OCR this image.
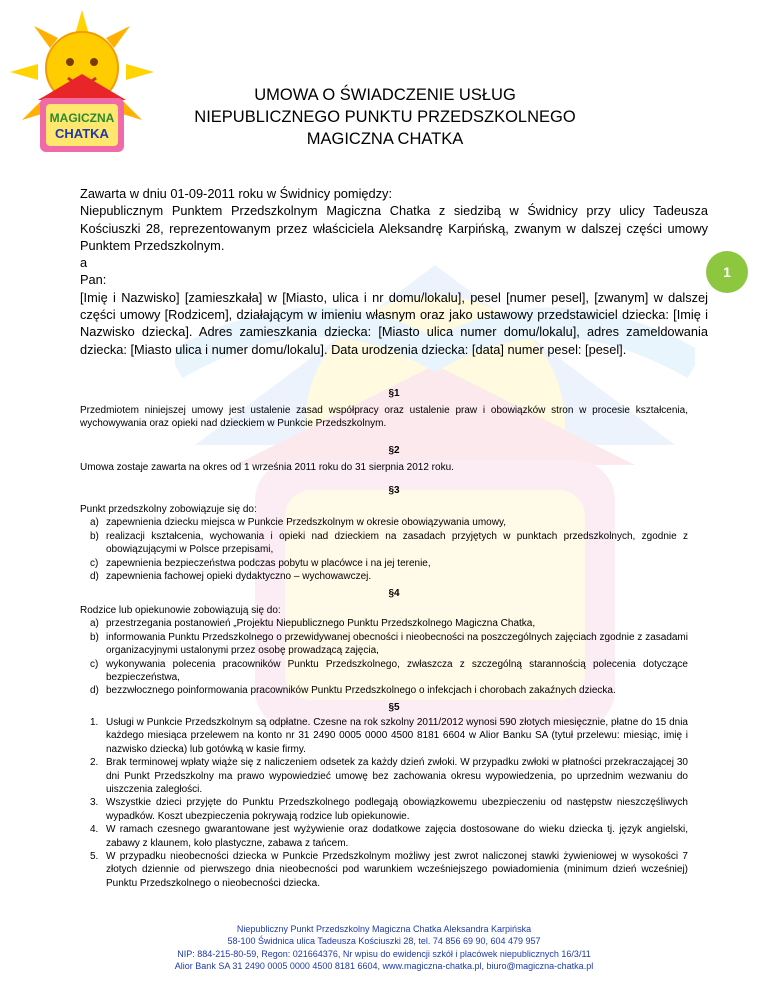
MAGICZNA
CHATKA
1
UMOWA O ŚWIADCZENIE USŁUG
NIEPUBLICZNEGO PUNKTU PRZEDSZKOLNEGO
MAGICZNA CHATKA

Zawarta w dniu 01-09-2011 roku w Świdnicy pomiędzy:

Niepublicznym Punktem Przedszkolnym Magiczna Chatka z siedzibą w Świdnicy przy ulicy Tadeusza Kościuszki 28, reprezentowanym przez właściciela Aleksandrę Karpińską, zwanym w dalszej części umowy Punktem Przedszkolnym.

a

Pan:

[Imię i Nazwisko] [zamieszkała] w [Miasto, ulica i nr domu/lokalu], pesel [numer pesel], [zwanym] w dalszej części umowy [Rodzicem], działającym w imieniu własnym oraz jako ustawowy przedstawiciel dziecka: [Imię i Nazwisko dziecka]. Adres zamieszkania dziecka: [Miasto ulica numer domu/lokalu], adres zameldowania dziecka: [Miasto ulica i numer domu/lokalu]. Data urodzenia dziecka: [data] numer pesel: [pesel].

§1

Przedmiotem niniejszej umowy jest ustalenie zasad współpracy oraz ustalenie praw i obowiązków stron w procesie kształcenia, wychowywania oraz opieki nad dzieckiem w Punkcie Przedszkolnym.

§2

Umowa zostaje zawarta na okres od 1 września 2011 roku do 31 sierpnia 2012 roku.

§3

Punkt przedszkolny zobowiązuje się do:

a) zapewnienia dziecku miejsca w Punkcie Przedszkolnym w okresie obowiązywania umowy,
b) realizacji kształcenia, wychowania i opieki nad dzieckiem na zasadach przyjętych w punktach przedszkolnych, zgodnie z obowiązującymi w Polsce przepisami,
c) zapewnienia bezpieczeństwa podczas pobytu w placówce i na jej terenie,
d) zapewnienia fachowej opieki dydaktyczno – wychowawczej.
§4

Rodzice lub opiekunowie zobowiązują się do:

a) przestrzegania postanowień „Projektu Niepublicznego Punktu Przedszkolnego Magiczna Chatka,
b) informowania Punktu Przedszkolnego o przewidywanej obecności i nieobecności na poszczególnych zajęciach zgodnie z zasadami organizacyjnymi ustalonymi przez osobę prowadzącą zajęcia,
c) wykonywania polecenia pracowników Punktu Przedszkolnego, zwłaszcza z szczególną starannością polecenia dotyczące bezpieczeństwa,
d) bezzwłocznego poinformowania pracowników Punktu Przedszkolnego o infekcjach i chorobach zakaźnych dziecka.
§5
1. Usługi w Punkcie Przedszkolnym są odpłatne. Czesne na rok szkolny 2011/2012 wynosi 590 złotych miesięcznie, płatne do 15 dnia każdego miesiąca przelewem na konto nr 31 2490 0005 0000 4500 8181 6604 w Alior Banku SA (tytuł przelewu: miesiąc, imię i nazwisko dziecka) lub gotówką w kasie firmy.
2. Brak terminowej wpłaty wiąże się z naliczeniem odsetek za każdy dzień zwłoki. W przypadku zwłoki w płatności przekraczającej 30 dni Punkt Przedszkolny ma prawo wypowiedzieć umowę bez zachowania okresu wypowiedzenia, po uprzednim wezwaniu do uiszczenia zaległości.
3. Wszystkie dzieci przyjęte do Punktu Przedszkolnego podlegają obowiązkowemu ubezpieczeniu od następstw nieszczęśliwych wypadków. Koszt ubezpieczenia pokrywają rodzice lub opiekunowie.
4. W ramach czesnego gwarantowane jest wyżywienie oraz dodatkowe zajęcia dostosowane do wieku dziecka tj. język angielski, zabawy z klaunem, koło plastyczne, zabawa z tańcem.
5. W przypadku nieobecności dziecka w Punkcie Przedszkolnym możliwy jest zwrot naliczonej stawki żywieniowej w wysokości 7 złotych dziennie od pierwszego dnia nieobecności pod warunkiem wcześniejszego powiadomienia (minimum dzień wcześniej) Punktu Przedszkolnego o nieobecności dziecka.
Niepubliczny Punkt Przedszkolny Magiczna Chatka Aleksandra Karpińska
58-100 Świdnica ulica Tadeusza Kościuszki 28, tel. 74 856 69 90, 604 479 957
NIP: 884-215-80-59, Regon: 021664376, Nr wpisu do ewidencji szkół i placówek niepublicznych 16/3/11
Alior Bank SA 31 2490 0005 0000 4500 8181 6604, www.magiczna-chatka.pl, biuro@magiczna-chatka.pl
